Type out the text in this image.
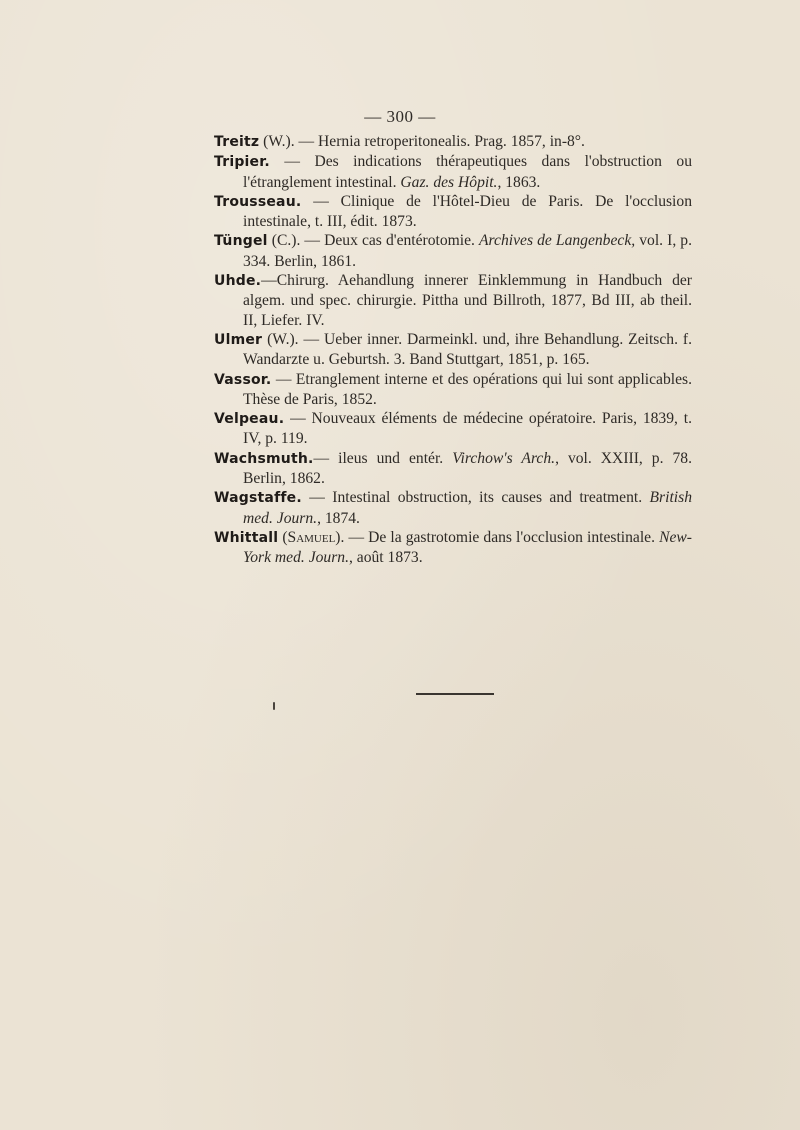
— 300 —
Treitz (W.). — Hernia retroperitonealis. Prag. 1857, in-8°.
Tripier. — Des indications thérapeutiques dans l'obstruction ou l'étranglement intestinal. Gaz. des Hôpit., 1863.
Trousseau. — Clinique de l'Hôtel-Dieu de Paris. De l'occlusion intestinale, t. III, édit. 1873.
Tüngel (C.). — Deux cas d'entérotomie. Archives de Langenbeck, vol. I, p. 334. Berlin, 1861.
Uhde.—Chirurg. Aehandlung innerer Einklemmung in Handbuch der algem. und spec. chirurgie. Pittha und Billroth, 1877, Bd III, ab theil. II, Liefer. IV.
Ulmer (W.). — Ueber inner. Darmeinkl. und, ihre Behandlung. Zeitsch. f. Wandarzte u. Geburtsh. 3. Band Stuttgart, 1851, p. 165.
Vassor. — Etranglement interne et des opérations qui lui sont applicables. Thèse de Paris, 1852.
Velpeau. — Nouveaux éléments de médecine opératoire. Paris, 1839, t. IV, p. 119.
Wachsmuth.— ileus und entér. Virchow's Arch., vol. XXIII, p. 78. Berlin, 1862.
Wagstaffe. — Intestinal obstruction, its causes and treatment. British med. Journ., 1874.
Whittall (Samuel). — De la gastrotomie dans l'occlusion intestinale. New-York med. Journ., août 1873.
